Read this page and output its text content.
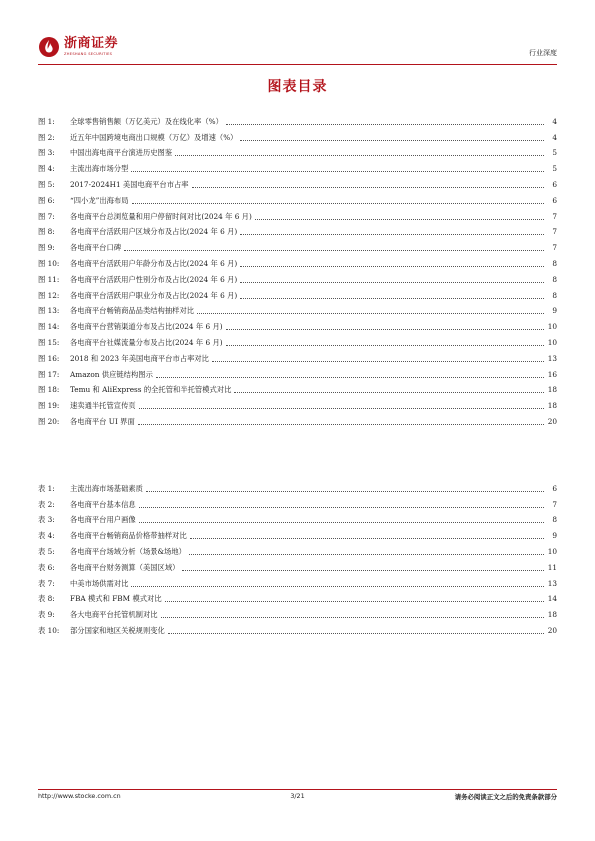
浙商证券
ZHESHANG SECURITIES	行业深度
图表目录
图 1:	全球零售销售额（万亿美元）及在线化率（%）	4
图 2:	近五年中国跨境电商出口规模（万亿）及增速（%）	4
图 3:	中国出海电商平台演进历史图鉴	5
图 4:	主流出海市场分型	5
图 5:	2017-2024H1 美国电商平台市占率	6
图 6:	“四小龙”出海布局	6
图 7:	各电商平台总浏览量和用户停留时间对比(2024 年 6 月)	7
图 8:	各电商平台活跃用户区域分布及占比(2024 年 6 月)	7
图 9:	各电商平台口碑	7
图 10:	各电商平台活跃用户年龄分布及占比(2024 年 6 月)	8
图 11:	各电商平台活跃用户性别分布及占比(2024 年 6 月)	8
图 12:	各电商平台活跃用户职业分布及占比(2024 年 6 月)	8
图 13:	各电商平台畅销商品品类结构抽样对比	9
图 14:	各电商平台营销渠道分布及占比(2024 年 6 月)	10
图 15:	各电商平台社媒流量分布及占比(2024 年 6 月)	10
图 16:	2018 和 2023 年美国电商平台市占率对比	13
图 17:	Amazon 供应链结构图示	16
图 18:	Temu 和 AliExpress 的全托管和半托管模式对比	18
图 19:	速卖通半托管宣传页	18
图 20:	各电商平台 UI 界面	20
表 1:	主流出海市场基础素质	6
表 2:	各电商平台基本信息	7
表 3:	各电商平台用户画像	8
表 4:	各电商平台畅销商品价格带抽样对比	9
表 5:	各电商平台场域分析（场景&场地）	10
表 6:	各电商平台财务测算（美国区域）	11
表 7:	中美市场供需对比	13
表 8:	FBA 模式和 FBM 模式对比	14
表 9:	各大电商平台托管机制对比	18
表 10:	部分国家和地区关税规则变化	20
http://www.stocke.com.cn	3/21	请务必阅读正文之后的免责条款部分
